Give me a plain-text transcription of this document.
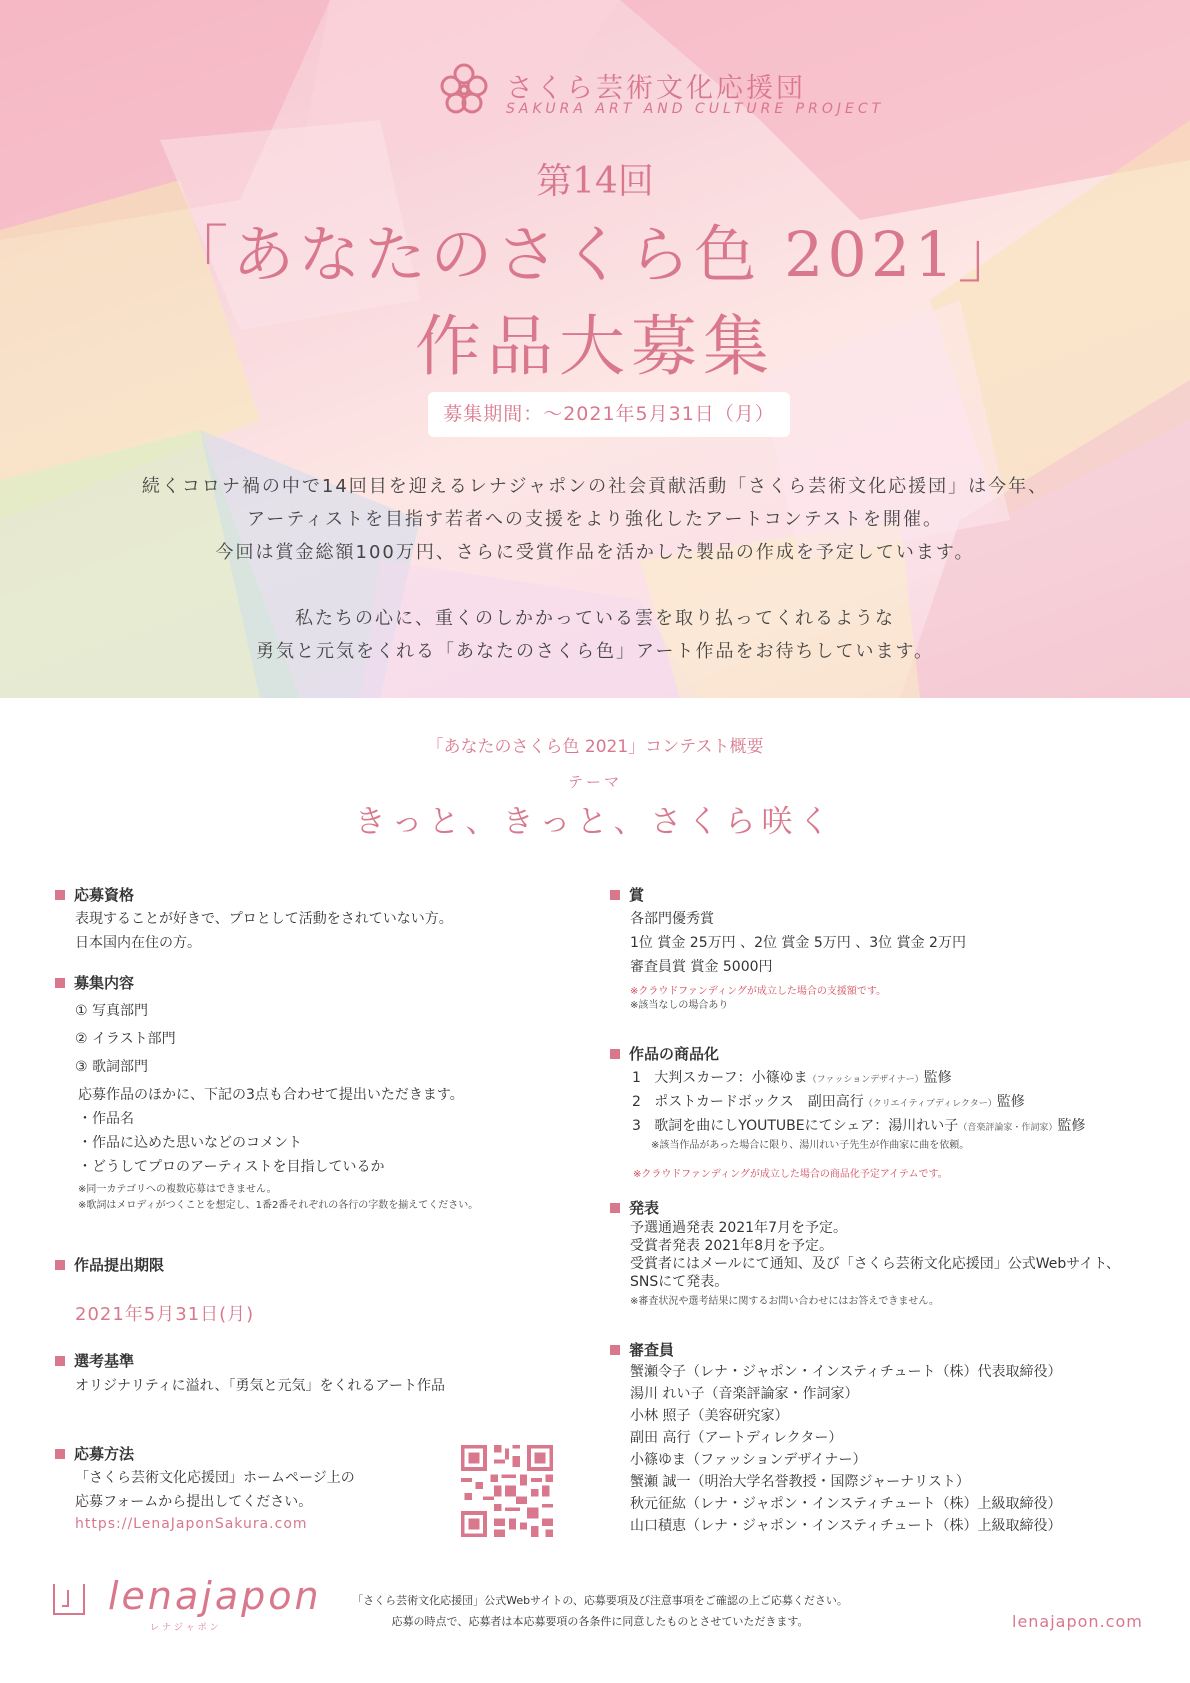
さくら芸術文化応援団
SAKURA ART AND CULTURE PROJECT
第14回
「あなたのさくら色 2021」
作品大募集
募集期間：～2021年5月31日（月）

続くコロナ禍の中で14回目を迎えるレナジャポンの社会貢献活動「さくら芸術文化応援団」は今年、

アーティストを目指す若者への支援をより強化したアートコンテストを開催。

今回は賞金総額100万円、さらに受賞作品を活かした製品の作成を予定しています。

私たちの心に、重くのしかかっている雲を取り払ってくれるような

勇気と元気をくれる「あなたのさくら色」アート作品をお待ちしています。

「あなたのさくら色 2021」コンテスト概要
テーマ
きっと、きっと、さくら咲く
応募資格
表現することが好きで、プロとして活動をされていない方。
日本国内在住の方。
募集内容
① 写真部門
② イラスト部門
③ 歌詞部門
応募作品のほかに、下記の3点も合わせて提出いただきます。
・作品名
・作品に込めた思いなどのコメント
・どうしてプロのアーティストを目指しているか
※同一カテゴリへの複数応募はできません。
※歌詞はメロディがつくことを想定し、1番2番それぞれの各行の字数を揃えてください。
作品提出期限
2021年5月31日(月)
選考基準
オリジナリティに溢れ、「勇気と元気」をくれるアート作品
応募方法
「さくら芸術文化応援団」ホームページ上の
応募フォームから提出してください。
https://LenaJaponSakura.com
賞
各部門優秀賞
1位 賞金 25万円 、2位 賞金 5万円 、3位 賞金 2万円
審査員賞 賞金 5000円
※クラウドファンディングが成立した場合の支援額です。
※該当なしの場合あり
作品の商品化
1 大判スカーフ：小篠ゆま（ファッションデザイナー）監修
2 ポストカードボックス　副田高行（クリエイティブディレクター）監修
3 歌詞を曲にしYOUTUBEにてシェア：湯川れい子（音楽評論家・作詞家）監修
※該当作品があった場合に限り、湯川れい子先生が作曲家に曲を依頼。
※クラウドファンディングが成立した場合の商品化予定アイテムです。
発表
予選通過発表 2021年7月を予定。
受賞者発表 2021年8月を予定。
受賞者にはメールにて通知、及び「さくら芸術文化応援団」公式Webサイト、
SNSにて発表。
※審査状況や選考結果に関するお問い合わせにはお答えできません。
審査員
蟹瀬令子（レナ・ジャポン・インスティチュート（株）代表取締役）
湯川 れい子（音楽評論家・作詞家）
小林 照子（美容研究家）
副田 高行（アートディレクター）
小篠ゆま（ファッションデザイナー）
蟹瀬 誠一（明治大学名誉教授・国際ジャーナリスト）
秋元征紘（レナ・ジャポン・インスティチュート（株）上級取締役）
山口積恵（レナ・ジャポン・インスティチュート（株）上級取締役）
lenajapon
レナジャポン
「さくら芸術文化応援団」公式Webサイトの、応募要項及び注意事項をご確認の上ご応募ください。
応募の時点で、応募者は本応募要項の各条件に同意したものとさせていただきます。	lenajapon.com
